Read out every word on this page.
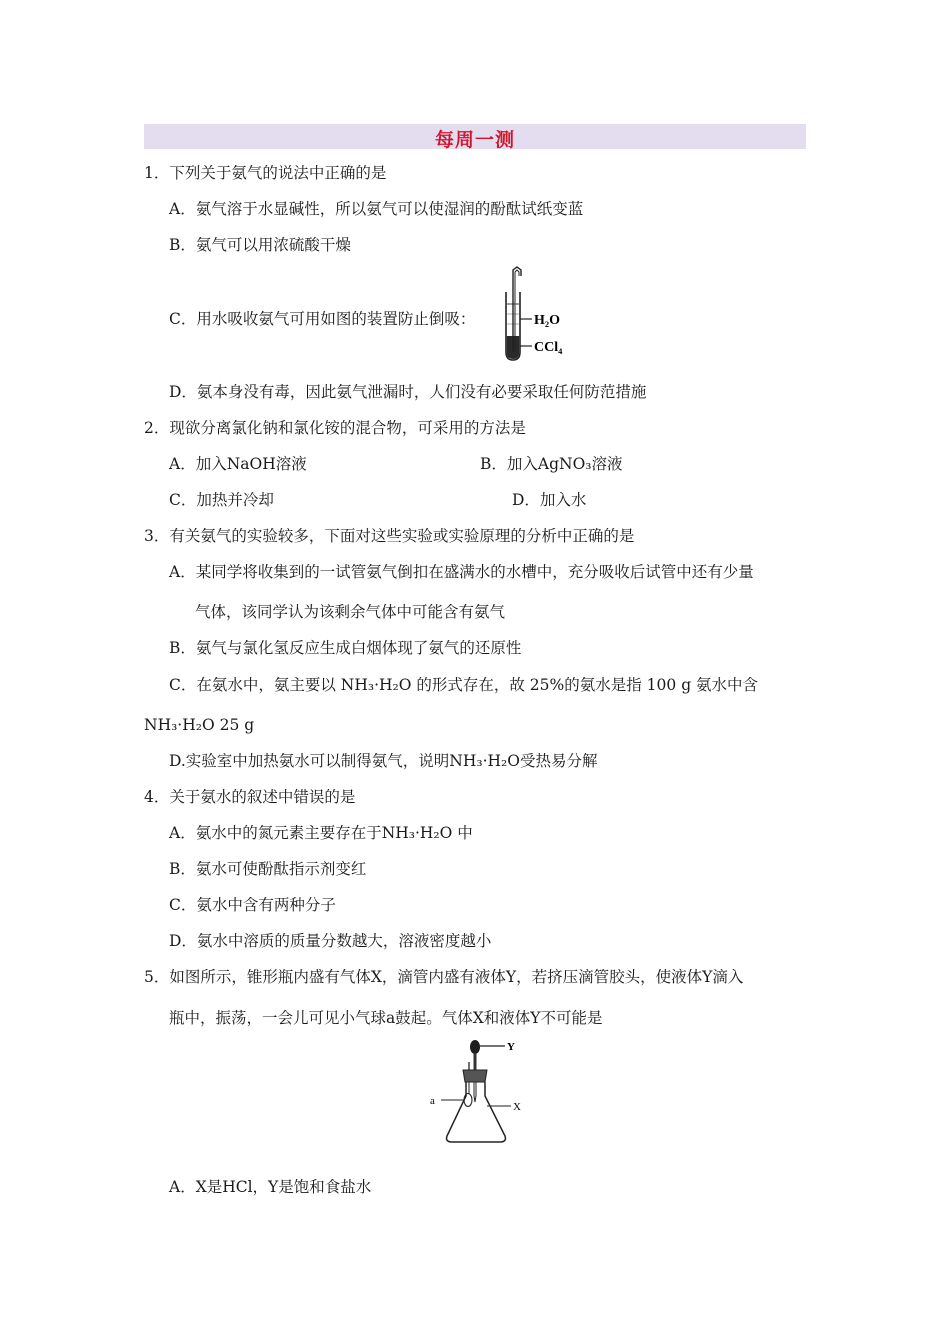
每周一测
1．下列关于氨气的说法中正确的是
A．氨气溶于水显碱性，所以氨气可以使湿润的酚酞试纸变蓝
B．氨气可以用浓硫酸干燥
C．用水吸收氨气可用如图的装置防止倒吸：	H₂O
CCl₄
D．氨本身没有毒，因此氨气泄漏时，人们没有必要采取任何防范措施
2．现欲分离氯化钠和氯化铵的混合物，可采用的方法是
A．加入NaOH溶液	B．加入AgNO₃溶液
C．加热并冷却	D．加入水
3．有关氨气的实验较多，下面对这些实验或实验原理的分析中正确的是
A．某同学将收集到的一试管氨气倒扣在盛满水的水槽中，充分吸收后试管中还有少量
气体，该同学认为该剩余气体中可能含有氨气
B．氨气与氯化氢反应生成白烟体现了氨气的还原性
C．在氨水中，氨主要以 NH₃·H₂O 的形式存在，故 25%的氨水是指 100 g 氨水中含
NH₃·H₂O 25 g
D.实验室中加热氨水可以制得氨气，说明NH₃·H₂O受热易分解
4．关于氨水的叙述中错误的是
A．氨水中的氮元素主要存在于NH₃·H₂O 中
B．氨水可使酚酞指示剂变红
C．氨水中含有两种分子
D．氨水中溶质的质量分数越大，溶液密度越小
5．如图所示，锥形瓶内盛有气体X，滴管内盛有液体Y，若挤压滴管胶头，使液体Y滴入
瓶中，振荡，一会儿可见小气球a鼓起。气体X和液体Y不可能是
Y
a	X
A．X是HCl，Y是饱和食盐水
